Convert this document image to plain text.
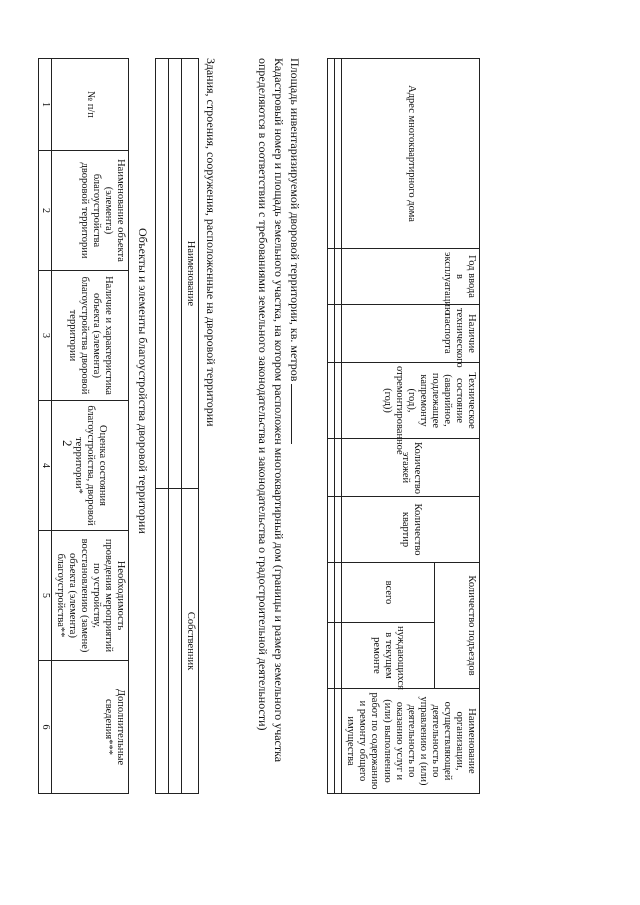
2
Адрес многоквартирного дома	Год ввода в эксплуатацию	Наличие технического паспорта	Техническое состояние (аварийное, подлежащее капремонту (год), отремонтированное (год))	Количество этажей	Количество квартир	Количество подъездов		Наименование организации, осуществляющей деятельность по управлению и (или) деятельность по оказанию услуг и (или) выполнению работ по содержанию и ремонту общего имущества
						всего	нуждающихся в текущем ремонте	

Площадь инвентаризируемой дворовой территории, кв. метров
Кадастровый номер и площадь земельного участка, на котором расположен многоквартирный дом (границы и размер земельного участка определяются в соответствии с требованиями земельного законодательства и законодательства о градостроительной деятельности)
Здания, строения, сооружения, расположенные на дворовой территории
Наименование	Собственник

Объекты и элементы благоустройства дворовой территории
№ п/п	Наименование объекта (элемента) благоустройства дворовой территории	Наличие и характеристика объекта (элемента) благоустройства дворовой территории	Оценка состояния благоустройства, дворовой территории*	Необходимость проведения мероприятий по устройству, восстановлению (замене) объекта (элемента) благоустройства**	Дополнительные сведения***
1	2	3	4	5	6
